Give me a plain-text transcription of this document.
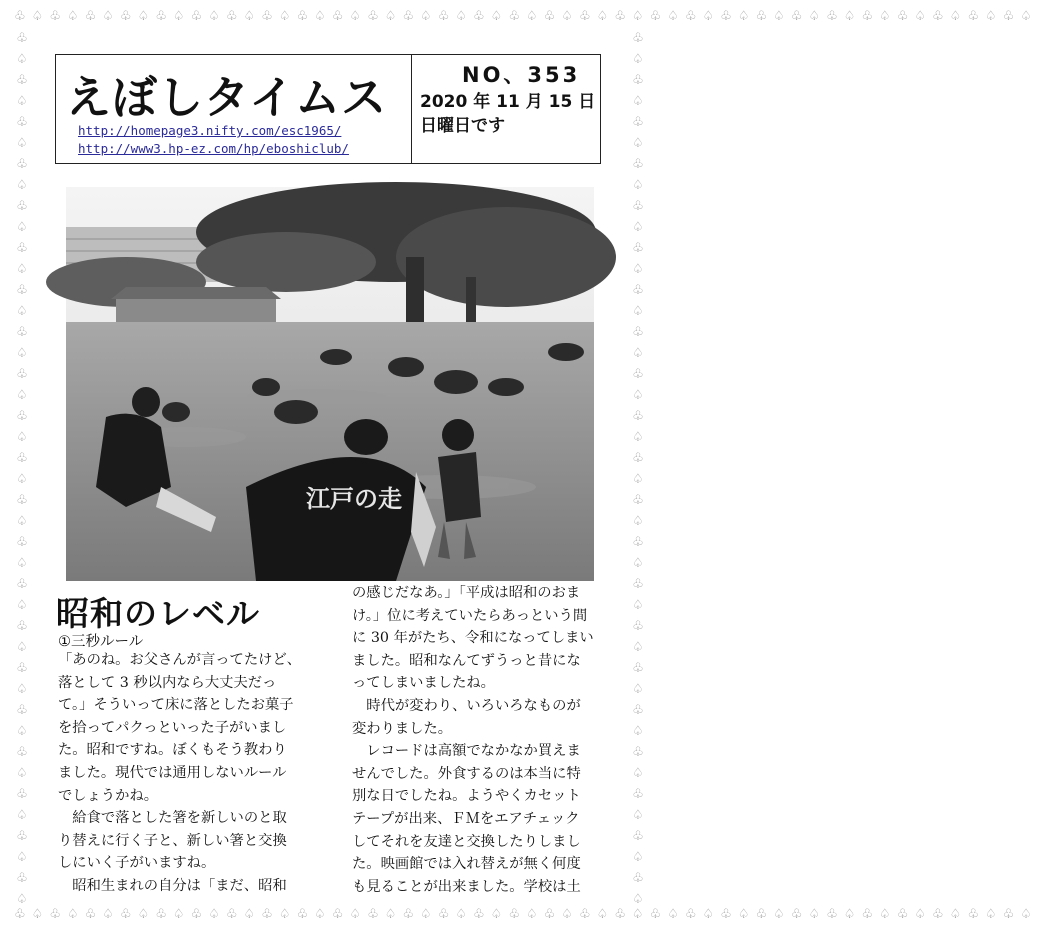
♧♤♧♤♧♤♧♤♧♤♧♤♧♤♧♤♧♤♧♤♧♤♧♤♧♤♧♤♧♤♧♤♧♤♧♤♧♤♧♤♧♤♧♤♧♤♧♤♧♤♧♤♧♤♧♤♧♤
♧♤♧♤♧♤♧♤♧♤♧♤♧♤♧♤♧♤♧♤♧♤♧♤♧♤♧♤♧♤♧♤♧♤♧♤♧♤♧♤♧♤♧♤♧♤♧♤♧♤♧♤♧♤♧♤♧♤
♧ ♤ ♧ ♤ ♧ ♤ ♧ ♤ ♧ ♤ ♧ ♤ ♧ ♤ ♧ ♤ ♧ ♤ ♧ ♤ ♧ ♤ ♧ ♤ ♧ ♤ ♧ ♤ ♧ ♤ ♧ ♤ ♧ ♤ ♧ ♤ ♧ ♤ ♧ ♤ ♧ ♤
♧ ♤ ♧ ♤ ♧ ♤ ♧ ♤ ♧ ♤ ♧ ♤ ♧ ♤ ♧ ♤ ♧ ♤ ♧ ♤ ♧ ♤ ♧ ♤ ♧ ♤ ♧ ♤ ♧ ♤ ♧ ♤ ♧ ♤ ♧ ♤ ♧ ♤ ♧ ♤ ♧ ♤
えぼしタイムス
http://homepage3.nifty.com/esc1965/
http://www3.hp-ez.com/hp/eboshiclub/
NO、353
2020 年 11 月 15 日
日曜日です
江戸の走
昭和のレベル
①三秒ルール
「あのね。お父さんが言ってたけど、
落として 3 秒以内なら大丈夫だっ
て。」そういって床に落としたお菓子
を拾ってパクっといった子がいまし
た。昭和ですね。ぼくもそう教わり
ました。現代では通用しないルール
でしょうかね。
　給食で落とした箸を新しいのと取
り替えに行く子と、新しい箸と交換
しにいく子がいますね。
　昭和生まれの自分は「まだ、昭和
の感じだなあ。」「平成は昭和のおま
け。」位に考えていたらあっという間
に 30 年がたち、令和になってしまい
ました。昭和なんてずうっと昔にな
ってしまいましたね。
　時代が変わり、いろいろなものが
変わりました。
　レコードは高額でなかなか買えま
せんでした。外食するのは本当に特
別な日でしたね。ようやくカセット
テープが出来、ＦＭをエアチェック
してそれを友達と交換したりしまし
た。映画館では入れ替えが無く何度
も見ることが出来ました。学校は土
